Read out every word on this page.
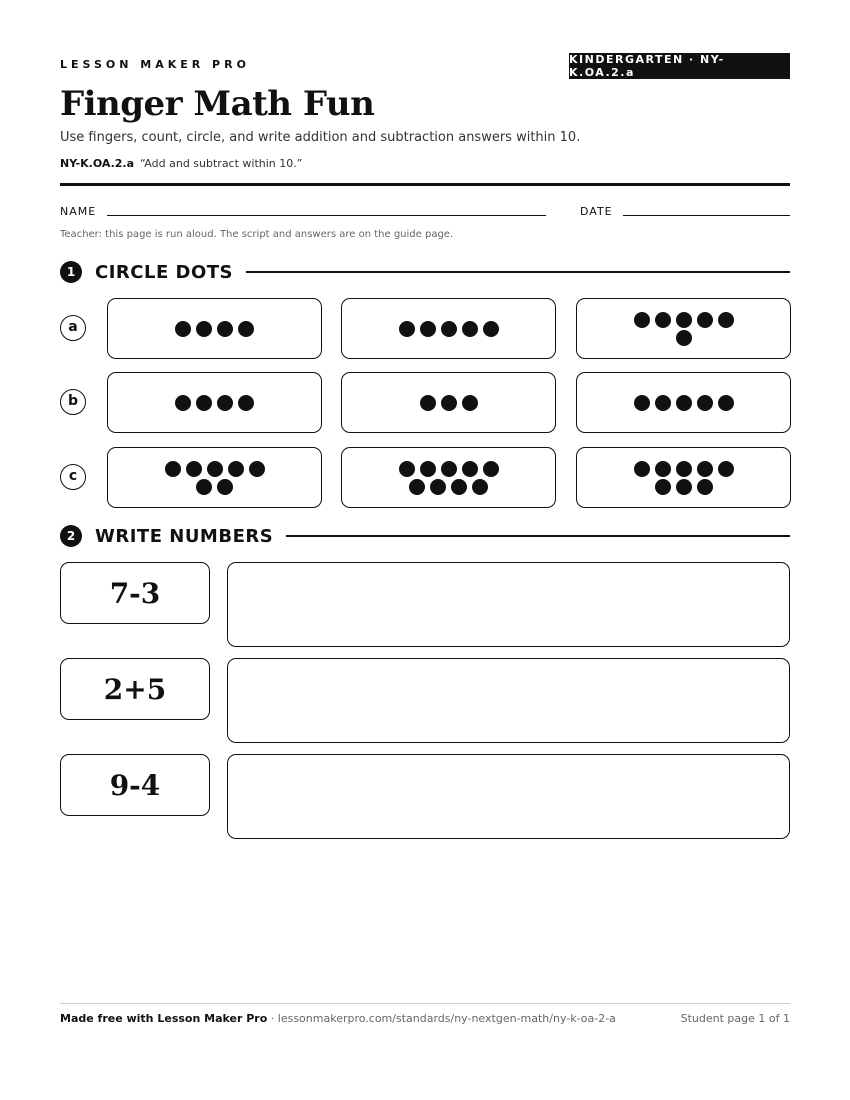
LESSON MAKER PRO	KINDERGARTEN · NY-K.OA.2.a
Finger Math Fun
Use fingers, count, circle, and write addition and subtraction answers within 10.
NY-K.OA.2.a “Add and subtract within 10.”
NAME	DATE
Teacher: this page is run aloud. The script and answers are on the guide page.
1	CIRCLE DOTS
a
b
c
2	WRITE NUMBERS
7-3
2+5
9-4
Made free with Lesson Maker Pro · lessonmakerpro.com/standards/ny-nextgen-math/ny-k-oa-2-a	Student page 1 of 1
